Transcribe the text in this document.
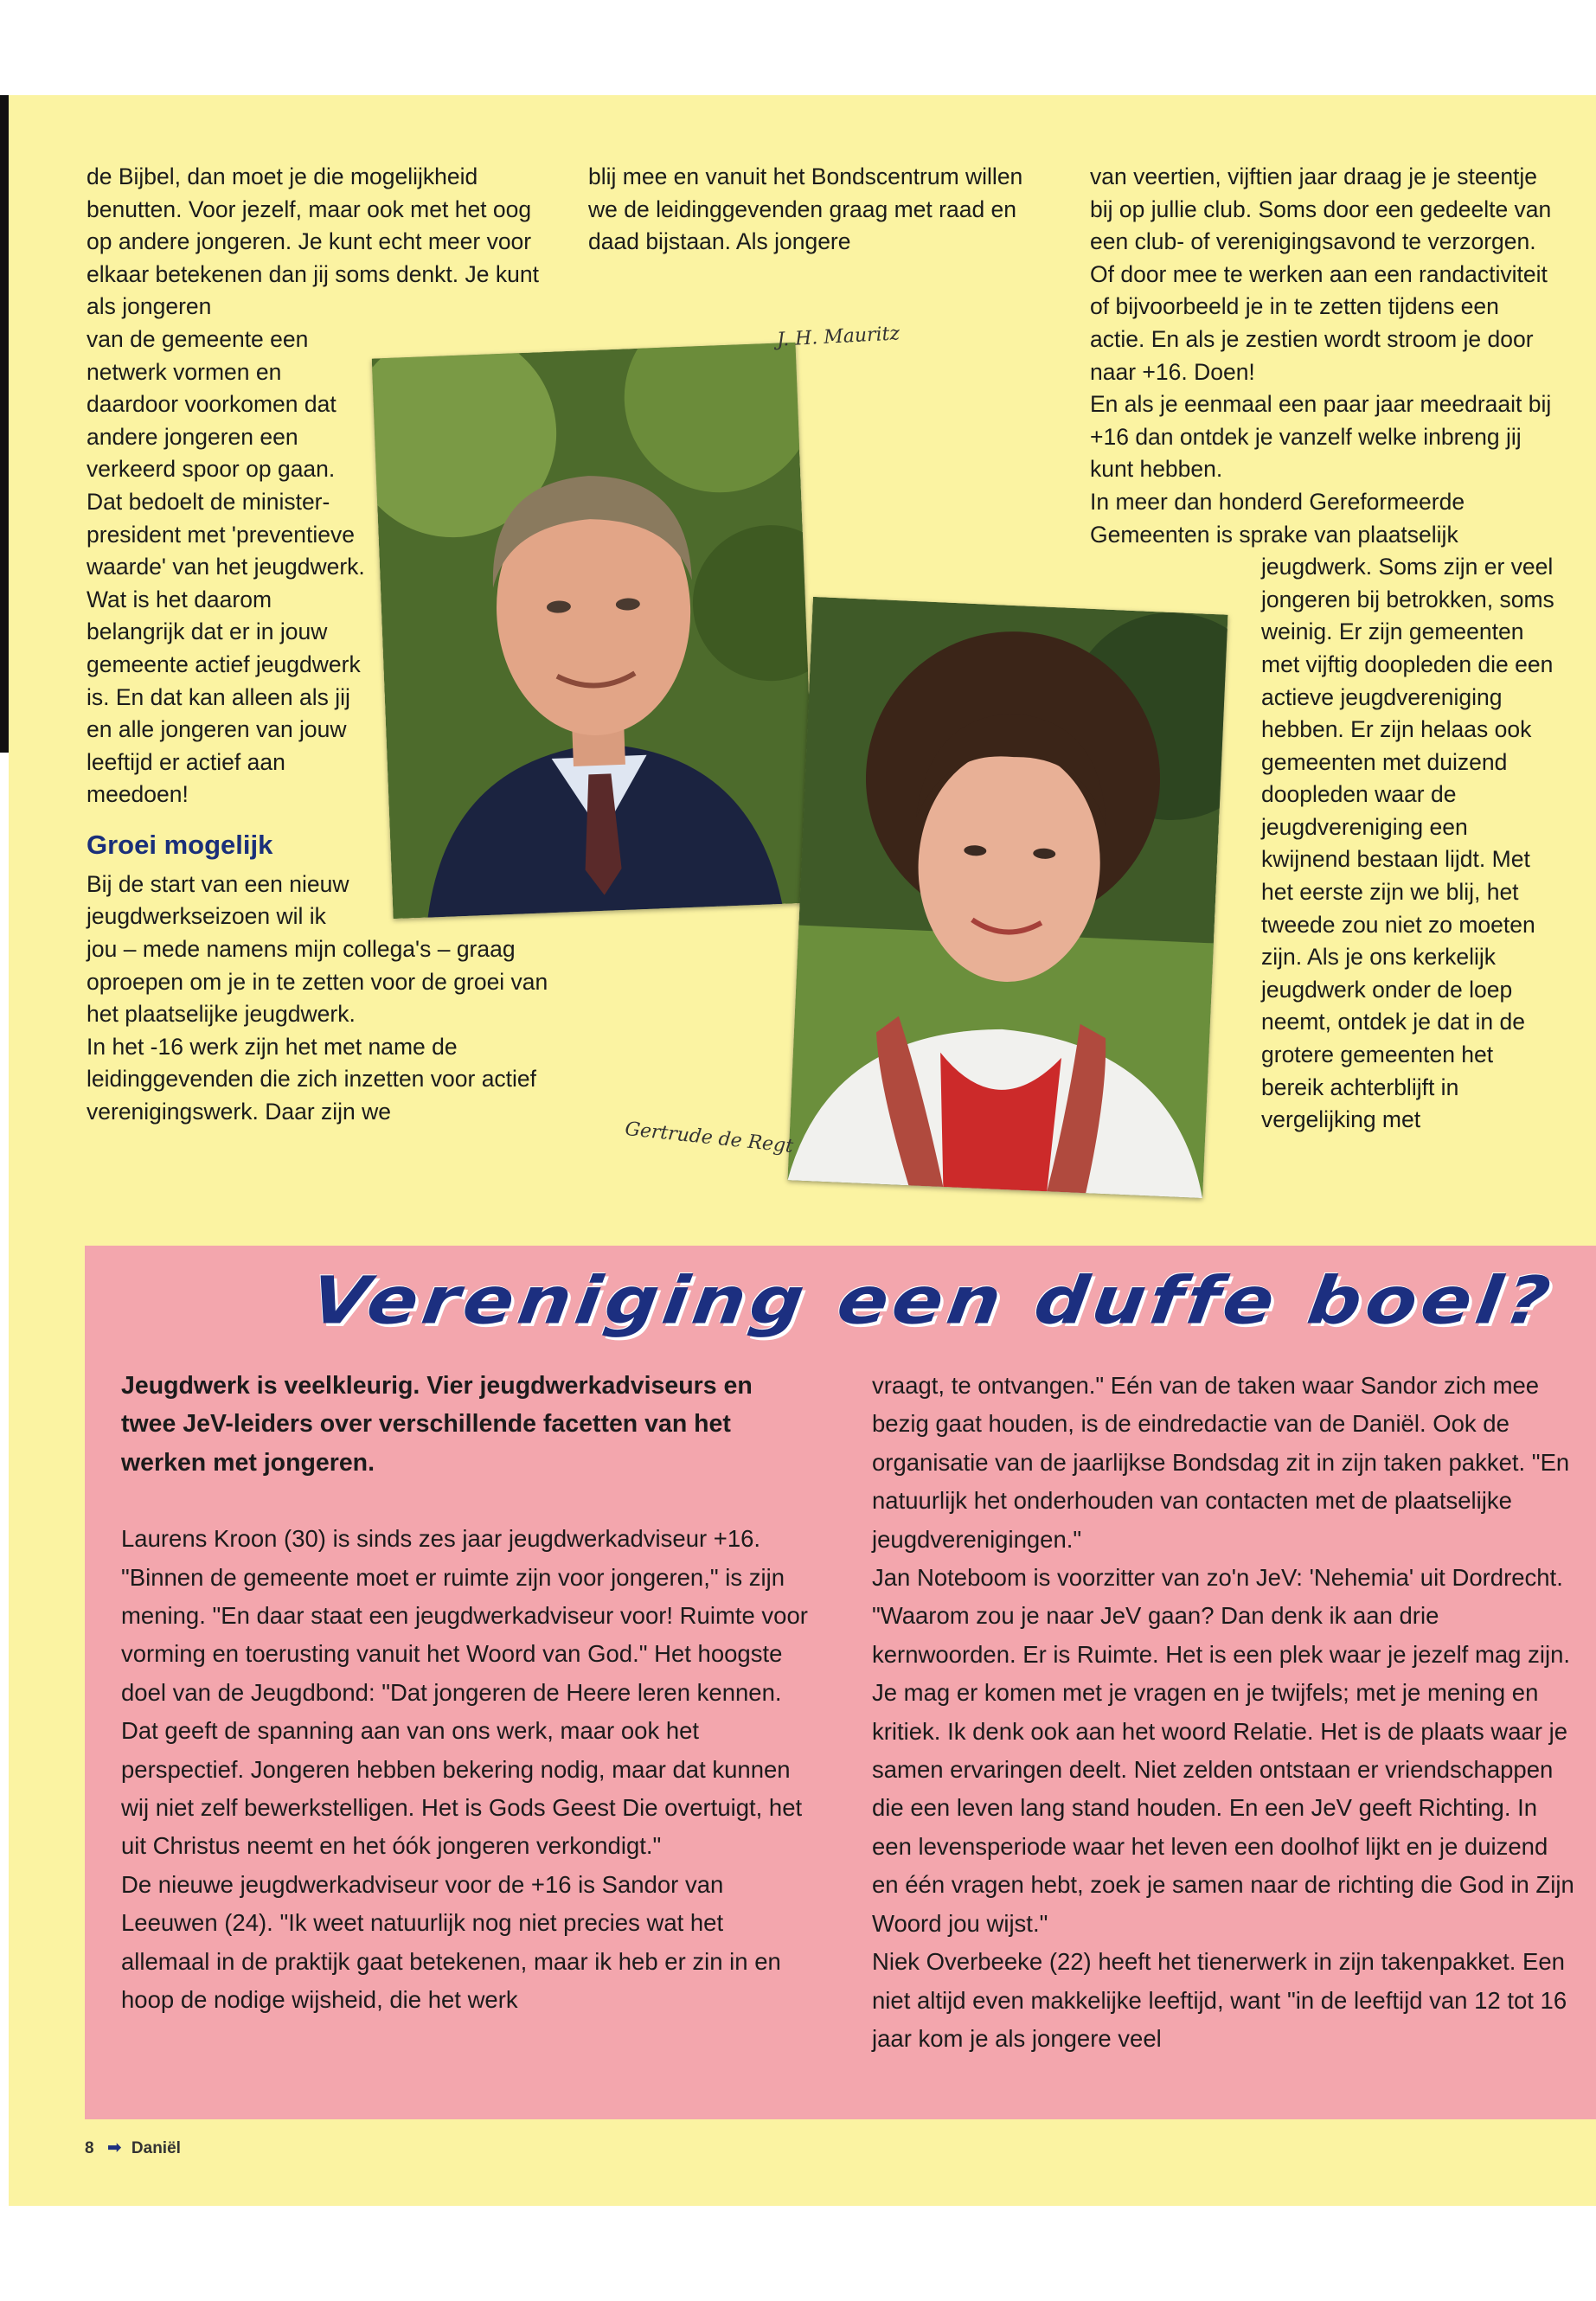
de Bijbel, dan moet je die mogelijkheid benutten. Voor jezelf, maar ook met het oog op andere jongeren. Je kunt echt meer voor elkaar betekenen dan jij soms denkt. Je kunt als jongeren

van de gemeente een netwerk vormen en daardoor voorkomen dat andere jongeren een verkeerd spoor op gaan. Dat bedoelt de minister-president met 'preventieve waarde' van het jeugdwerk. Wat is het daarom belangrijk dat er in jouw gemeente actief jeugdwerk is. En dat kan alleen als jij en alle jongeren van jouw leeftijd er actief aan meedoen!

Groei mogelijk

Bij de start van een nieuw jeugdwerkseizoen wil ik

jou – mede namens mijn collega's – graag oproepen om je in te zetten voor de groei van het plaatselijke jeugdwerk.

In het -16 werk zijn het met name de leidinggevenden die zich inzetten voor actief verenigingswerk. Daar zijn we

blij mee en vanuit het Bondscentrum willen we de leidinggevenden graag met raad en daad bijstaan. Als jongere

van veertien, vijftien jaar draag je je steentje bij op jullie club. Soms door een gedeelte van een club- of verenigingsavond te verzorgen. Of door mee te werken aan een randactiviteit of bijvoorbeeld je in te zetten tijdens een actie. En als je zestien wordt stroom je door naar +16. Doen!

En als je eenmaal een paar jaar meedraait bij +16 dan ontdek je vanzelf welke inbreng jij kunt hebben.

In meer dan honderd Gereformeerde Gemeenten is sprake van plaatselijk

jeugdwerk. Soms zijn er veel jongeren bij betrokken, soms weinig. Er zijn gemeenten met vijftig doopleden die een actieve jeugdvereniging hebben. Er zijn helaas ook gemeenten met duizend doopleden waar de jeugdvereniging een kwijnend bestaan lijdt. Met het eerste zijn we blij, het tweede zou niet zo moeten zijn. Als je ons kerkelijk jeugdwerk onder de loep neemt, ontdek je dat in de grotere gemeenten het bereik achterblijft in vergelijking met

J. H. Mauritz
Gertrude de Regt
Vereniging een duffe boel?

Jeugdwerk is veelkleurig. Vier jeugdwerkadviseurs en twee JeV-leiders over verschillende facetten van het werken met jongeren.

Laurens Kroon (30) is sinds zes jaar jeugdwerkadviseur +16. "Binnen de gemeente moet er ruimte zijn voor jongeren," is zijn mening. "En daar staat een jeugdwerkadviseur voor! Ruimte voor vorming en toerusting vanuit het Woord van God." Het hoogste doel van de Jeugdbond: "Dat jongeren de Heere leren kennen. Dat geeft de spanning aan van ons werk, maar ook het perspectief. Jongeren hebben bekering nodig, maar dat kunnen wij niet zelf bewerkstelligen. Het is Gods Geest Die overtuigt, het uit Christus neemt en het óók jongeren verkondigt."

De nieuwe jeugdwerkadviseur voor de +16 is Sandor van Leeuwen (24). "Ik weet natuurlijk nog niet precies wat het allemaal in de praktijk gaat betekenen, maar ik heb er zin in en hoop de nodige wijsheid, die het werk

vraagt, te ontvangen." Eén van de taken waar Sandor zich mee bezig gaat houden, is de eindredactie van de Daniël. Ook de organisatie van de jaarlijkse Bondsdag zit in zijn taken pakket. "En natuurlijk het onderhouden van contacten met de plaatselijke jeugdverenigingen."

Jan Noteboom is voorzitter van zo'n JeV: 'Nehemia' uit Dordrecht. "Waarom zou je naar JeV gaan? Dan denk ik aan drie kernwoorden. Er is Ruimte. Het is een plek waar je jezelf mag zijn. Je mag er komen met je vragen en je twijfels; met je mening en kritiek. Ik denk ook aan het woord Relatie. Het is de plaats waar je samen ervaringen deelt. Niet zelden ontstaan er vriendschappen die een leven lang stand houden. En een JeV geeft Richting. In een levensperiode waar het leven een doolhof lijkt en je duizend en één vragen hebt, zoek je samen naar de richting die God in Zijn Woord jou wijst."

Niek Overbeeke (22) heeft het tienerwerk in zijn takenpakket. Een niet altijd even makkelijke leeftijd, want "in de leeftijd van 12 tot 16 jaar kom je als jongere veel

8 ➡ Daniël
